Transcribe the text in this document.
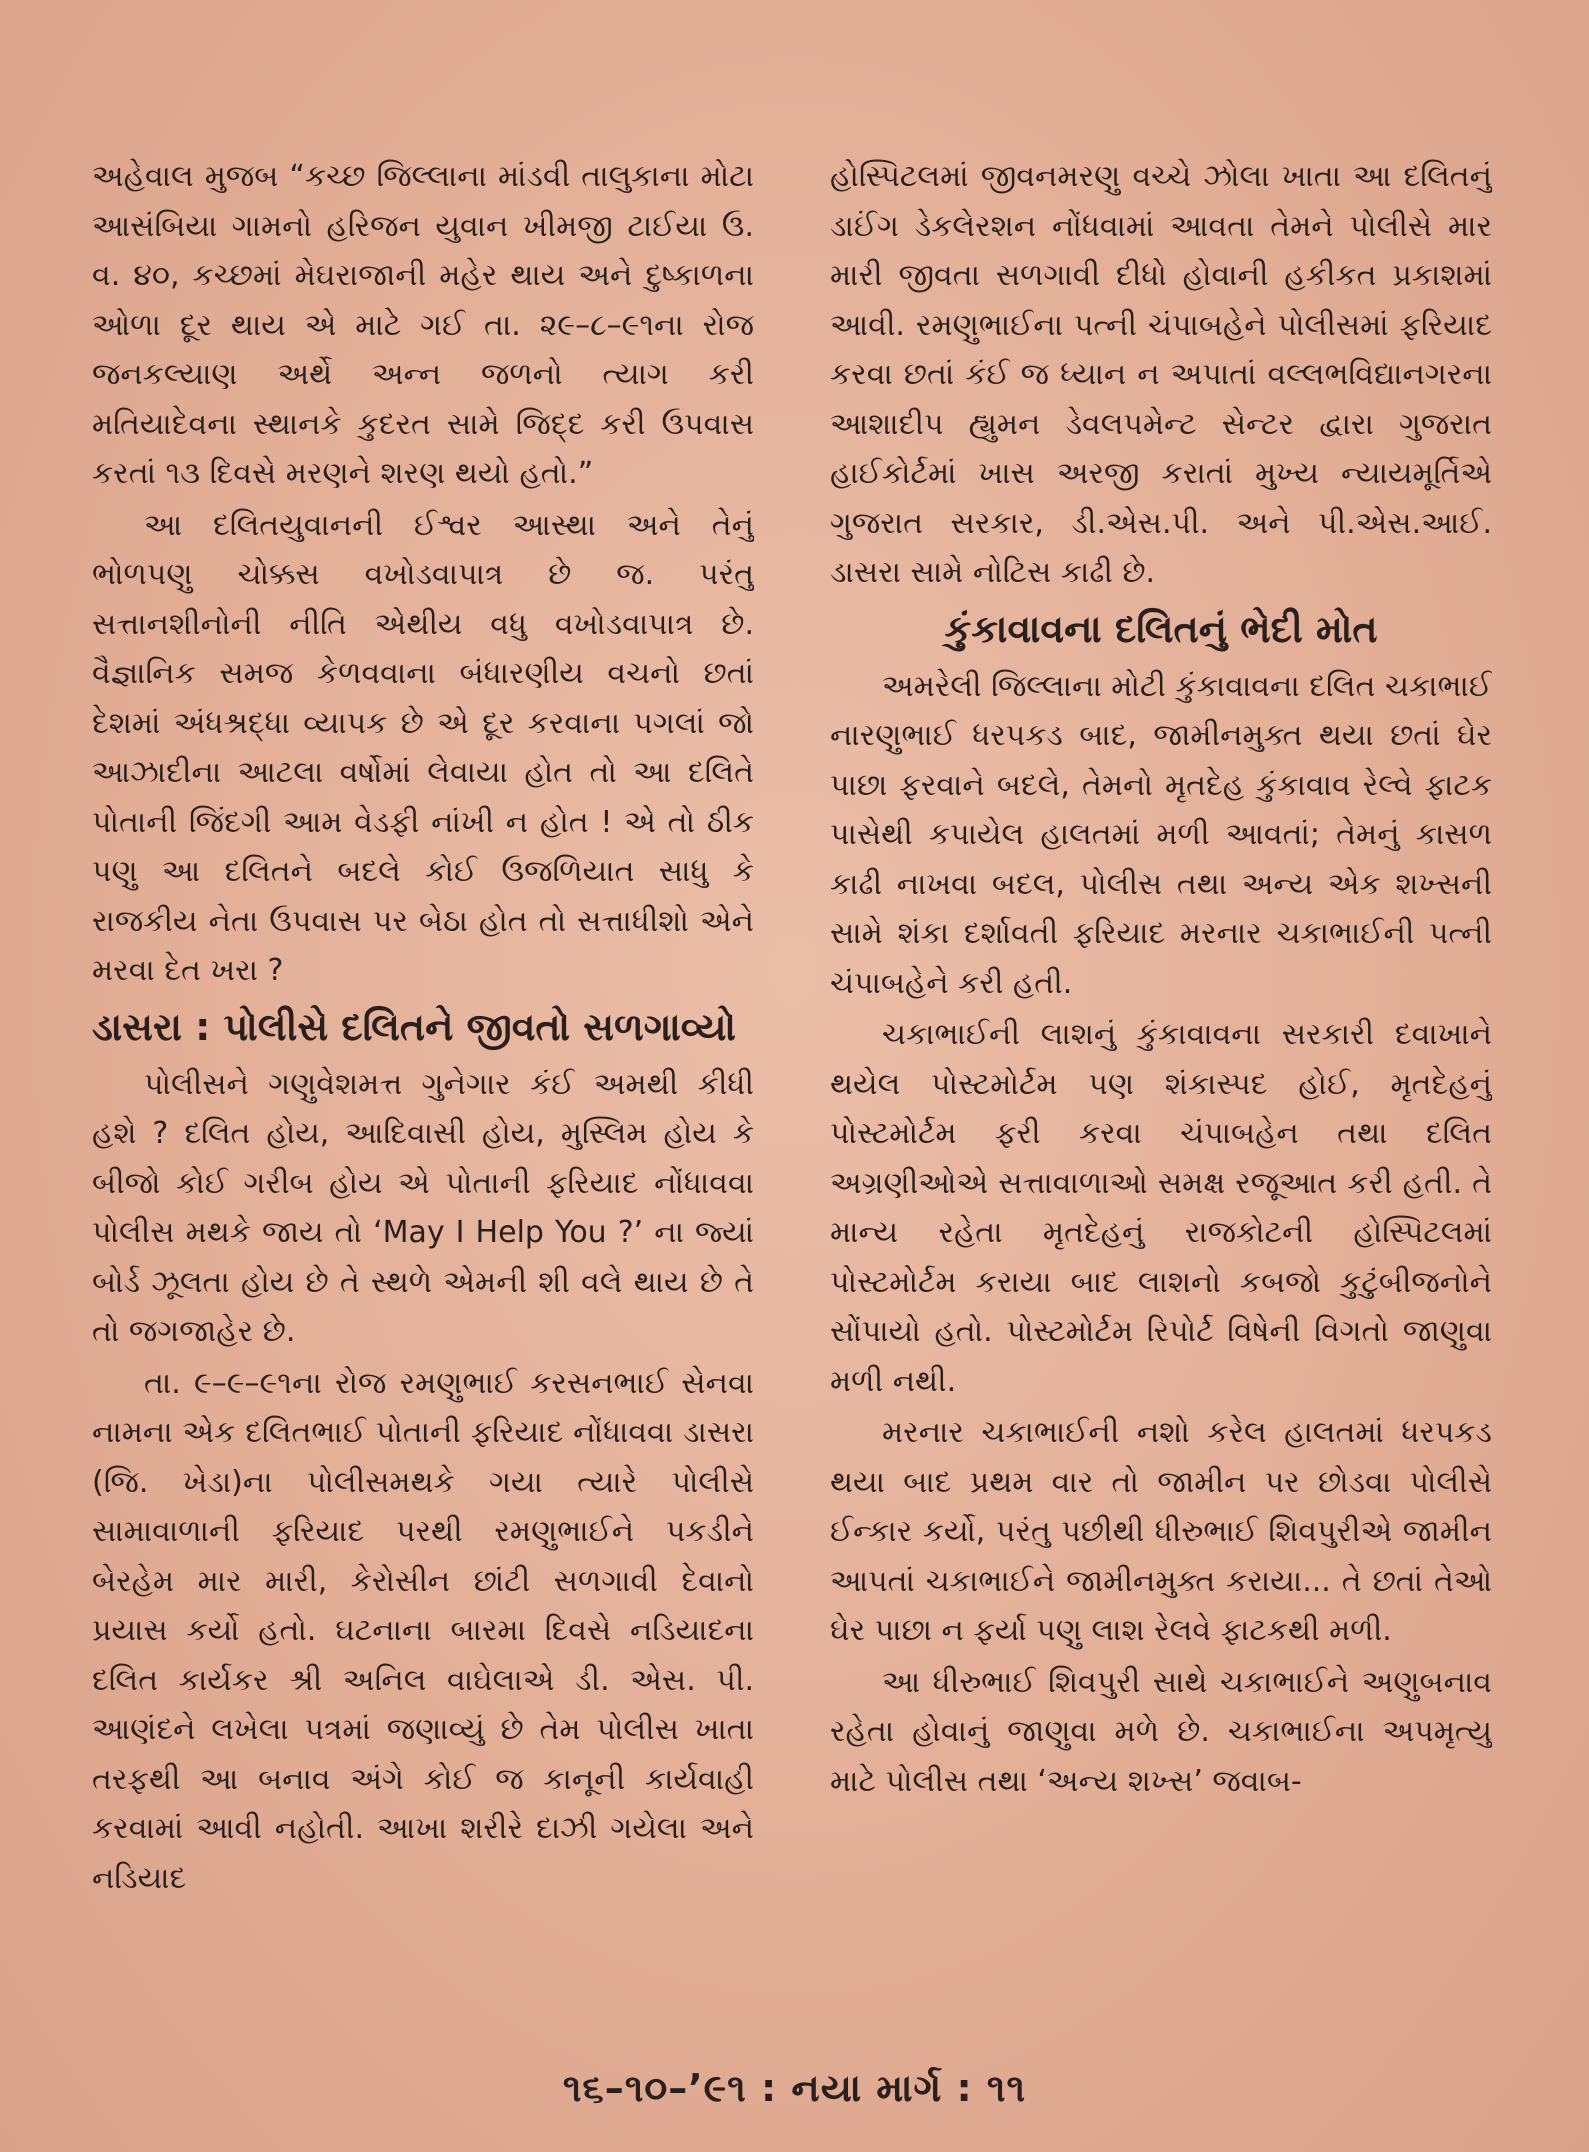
અહેવાલ મુજબ “કચ્છ જિલ્લાના માંડવી તાલુકાના મોટા આસંબિયા ગામનો હરિજન યુવાન ખીમજી ટાઈયા ઉ. વ. ૪૦, કચ્છમાં મેઘરાજાની મહેર થાય અને દુષ્કાળના ઓળા દૂર થાય એ માટે ગઈ તા. ૨૯–૮–૯૧ના રોજ જનકલ્યાણ અર્થે અન્ન જળનો ત્યાગ કરી મતિયાદેવના સ્થાનકે કુદરત સામે જિદ્દ કરી ઉપવાસ કરતાં ૧૩ દિવસે મરણને શરણ થયો હતો.”

આ દલિતયુવાનની ઈશ્વર આસ્થા અને તેનું ભોળપણુ ચોક્કસ વખોડવાપાત્ર છે જ. પરંતુ સત્તાનશીનોની નીતિ એથીય વધુ વખોડવાપાત્ર છે. વૈજ્ઞાનિક સમજ કેળવવાના બંધારણીય વચનો છતાં દેશમાં અંધશ્રદ્ધા વ્યાપક છે એ દૂર કરવાના પગલાં જો આઝાદીના આટલા વર્ષોમાં લેવાયા હોત તો આ દલિતે પોતાની જિંદગી આમ વેડફી નાંખી ન હોત ! એ તો ઠીક પણુ આ દલિતને બદલે કોઈ ઉજળિયાત સાધુ કે રાજકીય નેતા ઉપવાસ પર બેઠા હોત તો સત્તાધીશો એને મરવા દેત ખરા ?

ડાસરા : પોલીસે દલિતને જીવતો સળગાવ્યો

પોલીસને ગણુવેશમત્ત ગુનેગાર કંઈ અમથી કીધી હશે ? દલિત હોય, આદિવાસી હોય, મુસ્લિમ હોય કે બીજો કોઈ ગરીબ હોય એ પોતાની ફરિયાદ નોંધાવવા પોલીસ મથકે જાય તો ‘May I Help You ?’ ના જ્યાં બોર્ડ ઝૂલતા હોય છે તે સ્થળે એમની શી વલે થાય છે તે તો જગજાહેર છે.

તા. ૯–૯–૯૧ના રોજ રમણુભાઈ કરસનભાઈ સેનવા નામના એક દલિતભાઈ પોતાની ફરિયાદ નોંધાવવા ડાસરા (જિ. ખેડા)ના પોલીસમથકે ગયા ત્યારે પોલીસે સામાવાળાની ફરિયાદ પરથી રમણુભાઈને પકડીને બેરહેમ માર મારી, કેરોસીન છાંટી સળગાવી દેવાનો પ્રયાસ કર્યો હતો. ઘટનાના બારમા દિવસે નડિયાદના દલિત કાર્યકર શ્રી અનિલ વાઘેલાએ ડી. એસ. પી. આણંદને લખેલા પત્રમાં જણાવ્યું છે તેમ પોલીસ ખાતા તરફથી આ બનાવ અંગે કોઈ જ કાનૂની કાર્યવાહી કરવામાં આવી નહોતી. આખા શરીરે દાઝી ગયેલા અને નડિયાદ

હોસ્પિટલમાં જીવનમરણુ વચ્ચે ઝોલા ખાતા આ દલિતનું ડાઈંગ ડેકલેરશન નોંધવામાં આવતા તેમને પોલીસે માર મારી જીવતા સળગાવી દીધો હોવાની હકીકત પ્રકાશમાં આવી. રમણુભાઈના પત્ની ચંપાબહેને પોલીસમાં ફરિયાદ કરવા છતાં કંઈ જ ધ્યાન ન અપાતાં વલ્લભવિદ્યાનગરના આશાદીપ હ્યુમન ડેવલપમેન્ટ સેન્ટર દ્વારા ગુજરાત હાઈકોર્ટમાં ખાસ અરજી કરાતાં મુખ્ય ન્યાયમૂર્તિએ ગુજરાત સરકાર, ડી.એસ.પી. અને પી.એસ.આઈ. ડાસરા સામે નોટિસ કાઢી છે.

કુંકાવાવના દલિતનું ભેદી મોત

અમરેલી જિલ્લાના મોટી કુંકાવાવના દલિત ચકાભાઈ નારણુભાઈ ધરપકડ બાદ, જામીનમુક્ત થયા છતાં ઘેર પાછા ફરવાને બદલે, તેમનો મૃતદેહ કુંકાવાવ રેલ્વે ફાટક પાસેથી કપાયેલ હાલતમાં મળી આવતાં; તેમનું કાસળ કાઢી નાખવા બદલ, પોલીસ તથા અન્ય એક શખ્સની સામે શંકા દર્શાવતી ફરિયાદ મરનાર ચકાભાઈની પત્ની ચંપાબહેને કરી હતી.

ચકાભાઈની લાશનું કુંકાવાવના સરકારી દવાખાને થયેલ પોસ્ટમોર્ટમ પણ શંકાસ્પદ હોઈ, મૃતદેહનું પોસ્ટમોર્ટમ ફરી કરવા ચંપાબહેન તથા દલિત અગ્રણીઓએ સત્તાવાળાઓ સમક્ષ રજૂઆત કરી હતી. તે માન્ય રહેતા મૃતદેહનું રાજકોટની હોસ્પિટલમાં પોસ્ટમોર્ટમ કરાયા બાદ લાશનો કબજો કુટુંબીજનોને સોંપાયો હતો. પોસ્ટમોર્ટમ રિપોર્ટ વિષેની વિગતો જાણુવા મળી નથી.

મરનાર ચકાભાઈની નશો કરેલ હાલતમાં ધરપકડ થયા બાદ પ્રથમ વાર તો જામીન પર છોડવા પોલીસે ઈન્કાર કર્યો, પરંતુ પછીથી ધીરુભાઈ શિવપુરીએ જામીન આપતાં ચકાભાઈને જામીનમુક્ત કરાયા... તે છતાં તેઓ ઘેર પાછા ન ફર્યા પણુ લાશ રેલવે ફાટકથી મળી.

આ ધીરુભાઈ શિવપુરી સાથે ચકાભાઈને અણુબનાવ રહેતા હોવાનું જાણુવા મળે છે. ચકાભાઈના અપમૃત્યુ માટે પોલીસ તથા ‘અન્ય શખ્સ’ જવાબ-

૧૬–૧૦–’૯૧ : નયા માર્ગ : ૧૧
